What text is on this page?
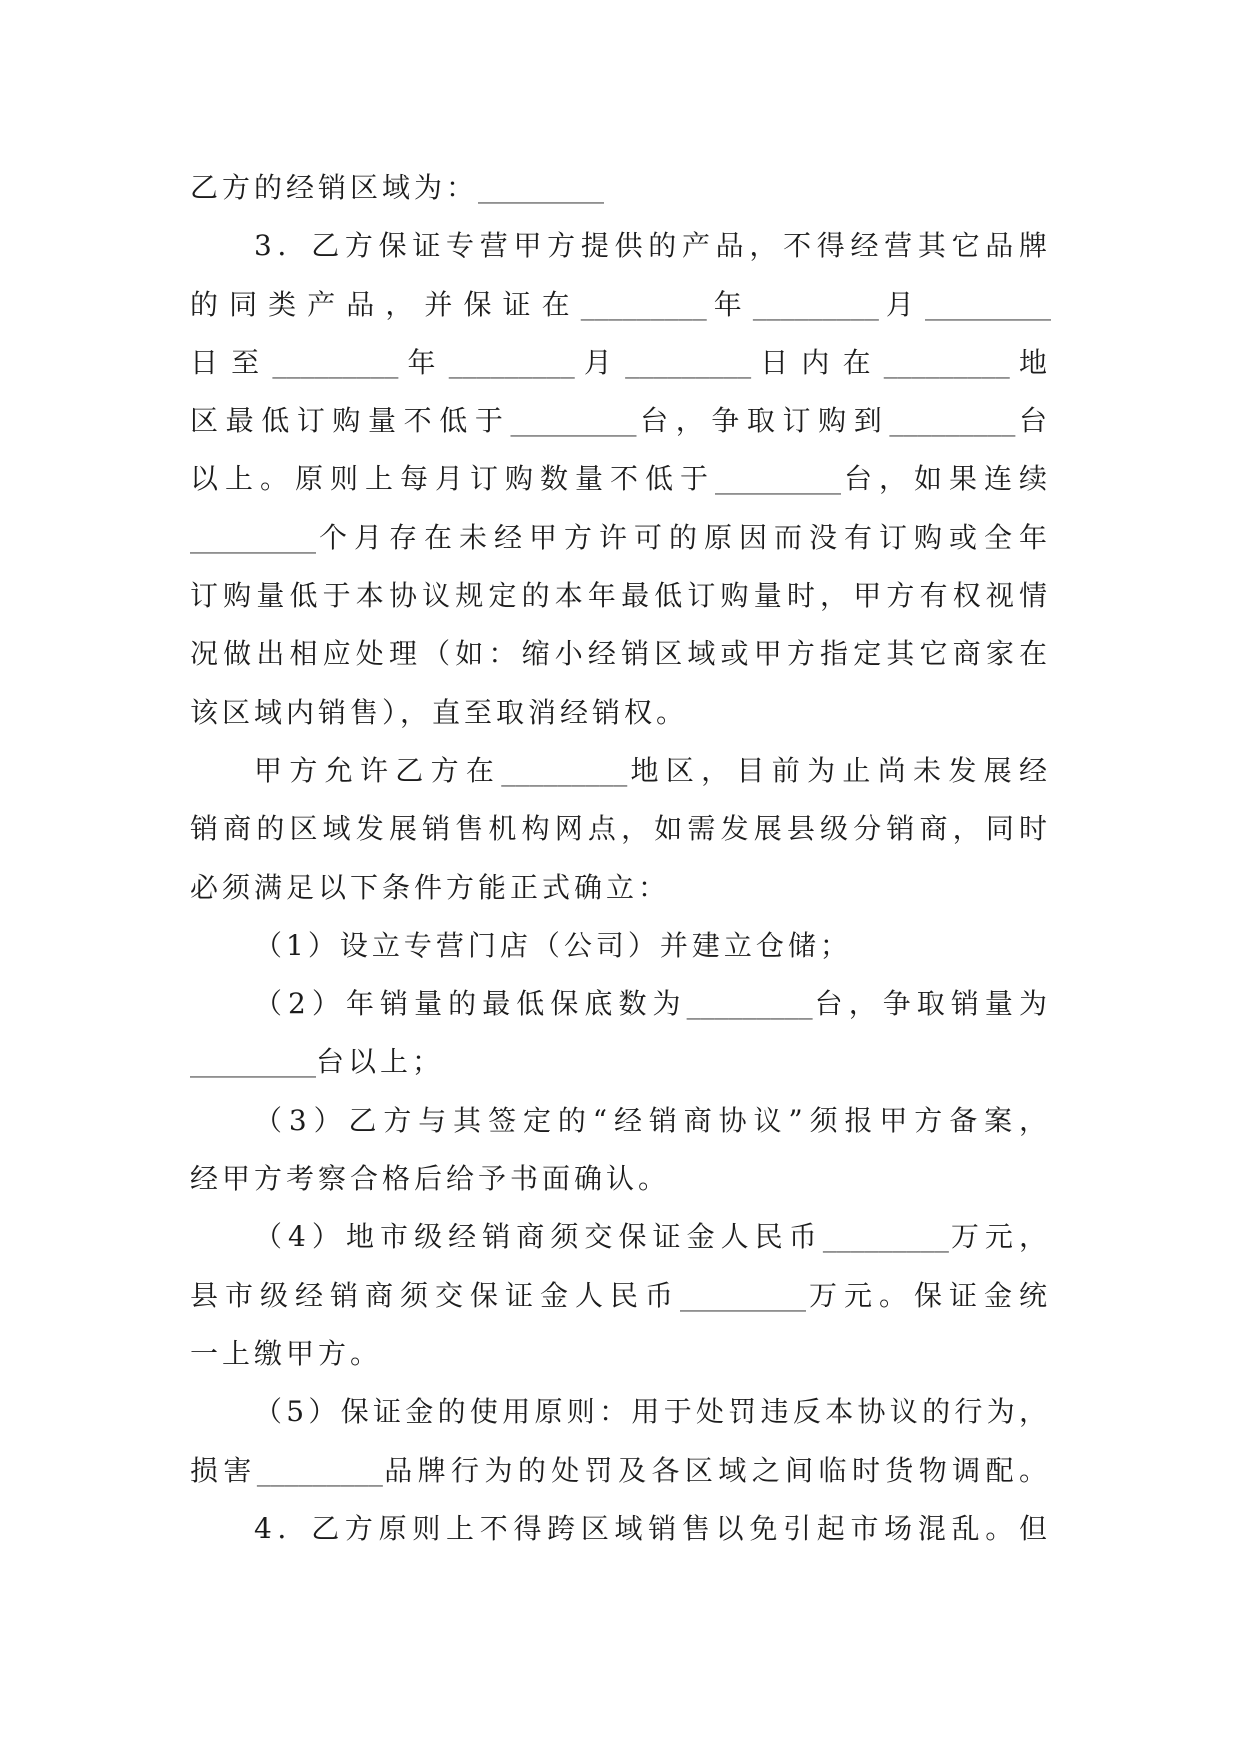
乙方的经销区域为：_________
3．乙方保证专营甲方提供的产品，不得经营其它品牌
的同类产品，并保证在_________年_________月_________
日至_________年_________月_________日内在_________地
区最低订购量不低于_________台，争取订购到_________台
以上。原则上每月订购数量不低于_________台，如果连续
_________个月存在未经甲方许可的原因而没有订购或全年
订购量低于本协议规定的本年最低订购量时，甲方有权视情
况做出相应处理（如：缩小经销区域或甲方指定其它商家在
该区域内销售），直至取消经销权。
甲方允许乙方在_________地区，目前为止尚未发展经
销商的区域发展销售机构网点，如需发展县级分销商，同时
必须满足以下条件方能正式确立：
（1）设立专营门店（公司）并建立仓储；
（2）年销量的最低保底数为_________台，争取销量为
_________台以上；
（3）乙方与其签定的“经销商协议”须报甲方备案，
经甲方考察合格后给予书面确认。
（4）地市级经销商须交保证金人民币_________万元，
县市级经销商须交保证金人民币_________万元。保证金统
一上缴甲方。
（5）保证金的使用原则：用于处罚违反本协议的行为，
损害_________品牌行为的处罚及各区域之间临时货物调配。
4．乙方原则上不得跨区域销售以免引起市场混乱。但
